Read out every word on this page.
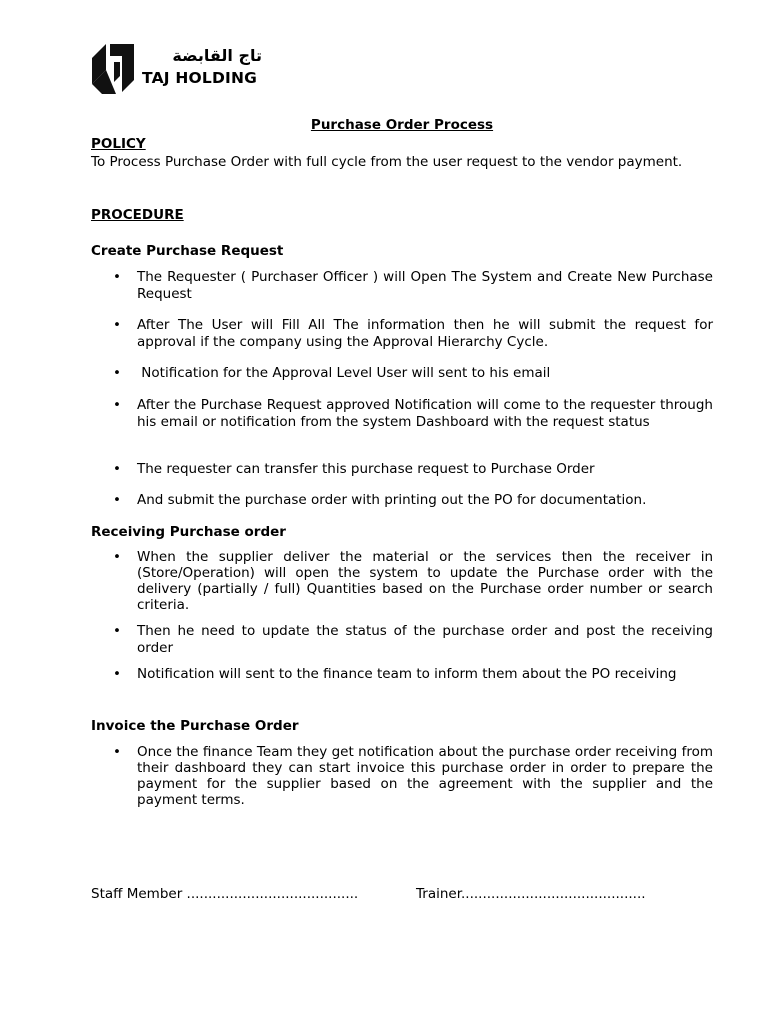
تاج القابضة
TAJ HOLDING
Purchase Order Process
POLICY
To Process Purchase Order with full cycle from the user request to the vendor payment.
PROCEDURE
Create Purchase Request
• The Requester ( Purchaser Officer ) will Open The System and Create New Purchase Request
• After The User will Fill All The information then he will submit the request for approval if the company using the Approval Hierarchy Cycle.
• Notification for the Approval Level User will sent to his email
• After the Purchase Request approved Notification will come to the requester through his email or notification from the system Dashboard with the request status
• The requester can transfer this purchase request to Purchase Order
• And submit the purchase order with printing out the PO for documentation.
Receiving Purchase order
• When the supplier deliver the material or the services then the receiver in (Store/Operation) will open the system to update the Purchase order with the delivery (partially / full) Quantities based on the Purchase order number or search criteria.
• Then he need to update the status of the purchase order and post the receiving order
• Notification will sent to the finance team to inform them about the PO receiving
Invoice the Purchase Order
• Once the finance Team they get notification about the purchase order receiving from their dashboard they can start invoice this purchase order in order to prepare the payment for the supplier based on the agreement with the supplier and the payment terms.
Staff Member ........................................	Trainer...........................................
